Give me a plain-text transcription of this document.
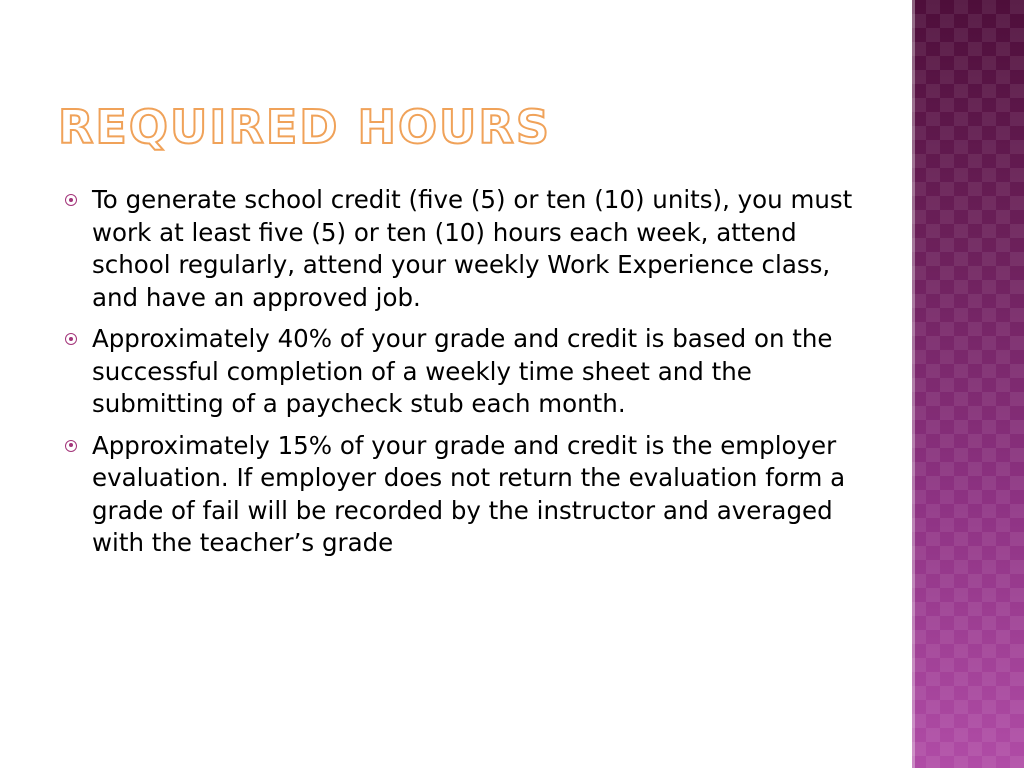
REQUIRED HOURS
To generate school credit (five (5) or ten (10) units), you must work at least five (5) or ten (10) hours each week, attend school regularly, attend your weekly Work Experience class, and have an approved job.
Approximately 40% of your grade and credit is based on the successful completion of a weekly time sheet and the submitting of a paycheck stub each month.
Approximately 15% of your grade and credit is the employer evaluation. If employer does not return the evaluation form a grade of fail will be recorded by the instructor and averaged with the teacher’s grade
